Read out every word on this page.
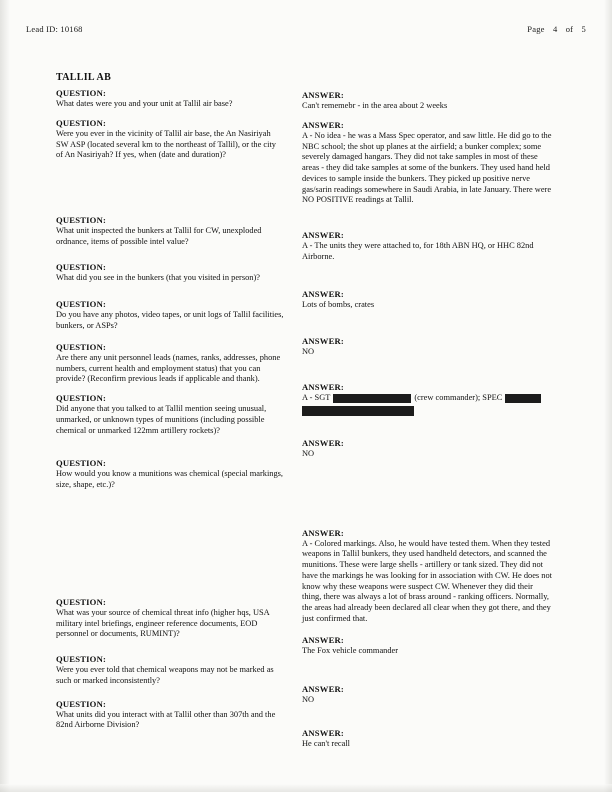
Lead ID: 10168	Page 4 of 5
TALLIL AB
QUESTION:
What dates were you and your unit at Tallil air base?
QUESTION:
Were you ever in the vicinity of Tallil air base, the An Nasiriyah SW ASP (located several km to the northeast of Tallil), or the city of An Nasiriyah? If yes, when (date and duration)?
QUESTION:
What unit inspected the bunkers at Tallil for CW, unexploded ordnance, items of possible intel value?
QUESTION:
What did you see in the bunkers (that you visited in person)?
QUESTION:
Do you have any photos, video tapes, or unit logs of Tallil facilities, bunkers, or ASPs?
QUESTION:
Are there any unit personnel leads (names, ranks, addresses, phone numbers, current health and employment status) that you can provide? (Reconfirm previous leads if applicable and thank).
QUESTION:
Did anyone that you talked to at Tallil mention seeing unusual, unmarked, or unknown types of munitions (including possible chemical or unmarked 122mm artillery rockets)?
QUESTION:
How would you know a munitions was chemical (special markings, size, shape, etc.)?
QUESTION:
What was your source of chemical threat info (higher hqs, USA military intel briefings, engineer reference documents, EOD personnel or documents, RUMINT)?
QUESTION:
Were you ever told that chemical weapons may not be marked as such or marked inconsistently?
QUESTION:
What units did you interact with at Tallil other than 307th and the 82nd Airborne Division?
ANSWER:
Can't rememebr - in the area about 2 weeks
ANSWER:
A - No idea - he was a Mass Spec operator, and saw little. He did go to the NBC school; the shot up planes at the airfield; a bunker complex; some severely damaged hangars. They did not take samples in most of these areas - they did take samples at some of the bunkers. They used hand held devices to sample inside the bunkers. They picked up positive nerve gas/sarin readings somewhere in Saudi Arabia, in late January. There were NO POSITIVE readings at Tallil.
ANSWER:
A - The units they were attached to, for 18th ABN HQ, or HHC 82nd Airborne.
ANSWER:
Lots of bombs, crates
ANSWER:
NO
ANSWER:
A - SGT	(crew commander); SPEC
ANSWER:
NO
ANSWER:
A - Colored markings. Also, he would have tested them. When they tested weapons in Tallil bunkers, they used handheld detectors, and scanned the munitions. These were large shells - artillery or tank sized. They did not have the markings he was looking for in association with CW. He does not know why these weapons were suspect CW. Whenever they did their thing, there was always a lot of brass around - ranking officers. Normally, the areas had already been declared all clear when they got there, and they just confirmed that.
ANSWER:
The Fox vehicle commander
ANSWER:
NO
ANSWER:
He can't recall
